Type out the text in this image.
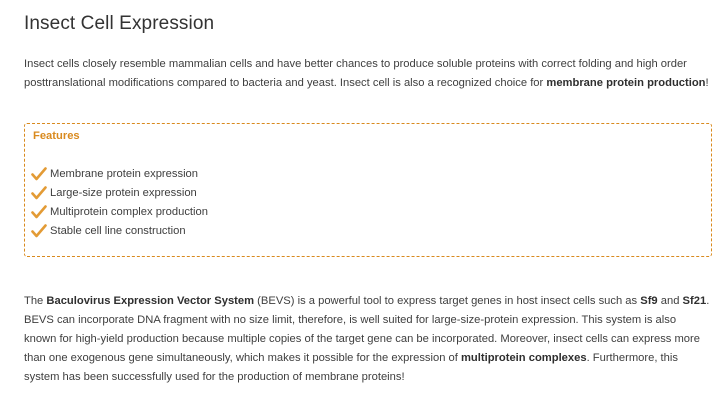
Insect Cell Expression

Insect cells closely resemble mammalian cells and have better chances to produce soluble proteins with correct folding and high order posttranslational modifications compared to bacteria and yeast. Insect cell is also a recognized choice for membrane protein production!

Features
Membrane protein expression
Large-size protein expression
Multiprotein complex production
Stable cell line construction

The Baculovirus Expression Vector System (BEVS) is a powerful tool to express target genes in host insect cells such as Sf9 and Sf21. BEVS can incorporate DNA fragment with no size limit, therefore, is well suited for large-size-protein expression. This system is also known for high-yield production because multiple copies of the target gene can be incorporated. Moreover, insect cells can express more than one exogenous gene simultaneously, which makes it possible for the expression of multiprotein complexes. Furthermore, this system has been successfully used for the production of membrane proteins!
